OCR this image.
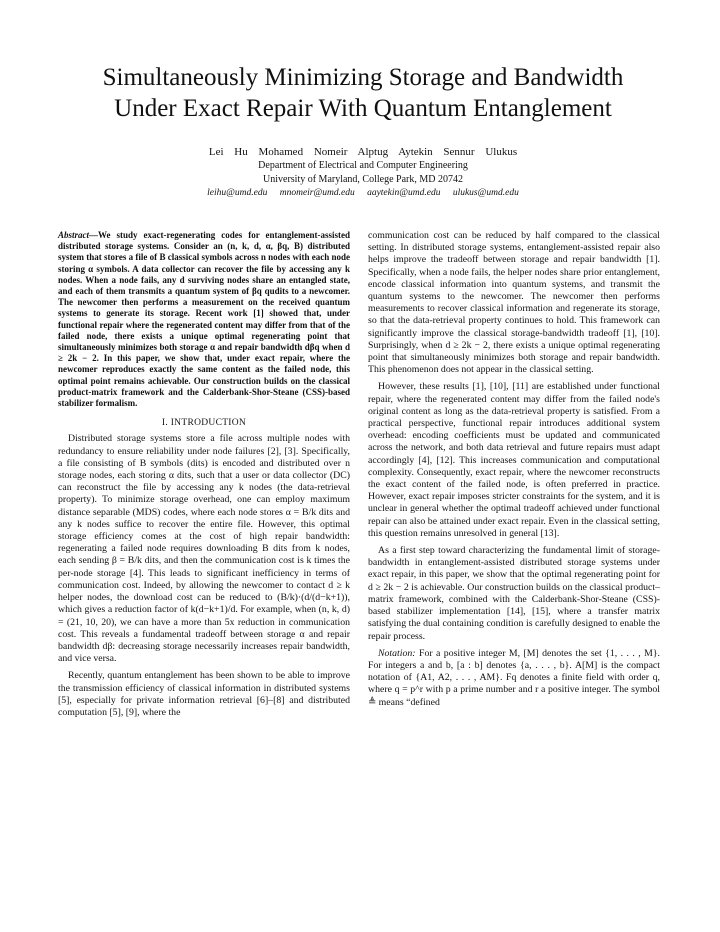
Simultaneously Minimizing Storage and Bandwidth
Under Exact Repair With Quantum Entanglement
Lei Hu Mohamed Nomeir Alptug Aytekin Sennur Ulukus
Department of Electrical and Computer Engineering
University of Maryland, College Park, MD 20742
leihu@umd.edu mnomeir@umd.edu aaytekin@umd.edu ulukus@umd.edu
Abstract—We study exact-regenerating codes for entanglement-assisted distributed storage systems. Consider an (n, k, d, α, βq, B) distributed system that stores a file of B classical symbols across n nodes with each node storing α symbols. A data collector can recover the file by accessing any k nodes. When a node fails, any d surviving nodes share an entangled state, and each of them transmits a quantum system of βq qudits to a newcomer. The newcomer then performs a measurement on the received quantum systems to generate its storage. Recent work [1] showed that, under functional repair where the regenerated content may differ from that of the failed node, there exists a unique optimal regenerating point that simultaneously minimizes both storage α and repair bandwidth dβq when d ≥ 2k − 2. In this paper, we show that, under exact repair, where the newcomer reproduces exactly the same content as the failed node, this optimal point remains achievable. Our construction builds on the classical product-matrix framework and the Calderbank-Shor-Steane (CSS)-based stabilizer formalism.
I. INTRODUCTION

Distributed storage systems store a file across multiple nodes with redundancy to ensure reliability under node failures [2], [3]. Specifically, a file consisting of B symbols (dits) is encoded and distributed over n storage nodes, each storing α dits, such that a user or data collector (DC) can reconstruct the file by accessing any k nodes (the data-retrieval property). To minimize storage overhead, one can employ maximum distance separable (MDS) codes, where each node stores α = B/k dits and any k nodes suffice to recover the entire file. However, this optimal storage efficiency comes at the cost of high repair bandwidth: regenerating a failed node requires downloading B dits from k nodes, each sending β = B/k dits, and then the communication cost is k times the per-node storage [4]. This leads to significant inefficiency in terms of communication cost. Indeed, by allowing the newcomer to contact d ≥ k helper nodes, the download cost can be reduced to (B/k)·(d/(d−k+1)), which gives a reduction factor of k(d−k+1)/d. For example, when (n, k, d) = (21, 10, 20), we can have a more than 5x reduction in communication cost. This reveals a fundamental tradeoff between storage α and repair bandwidth dβ: decreasing storage necessarily increases repair bandwidth, and vice versa.

Recently, quantum entanglement has been shown to be able to improve the transmission efficiency of classical information in distributed systems [5], especially for private information retrieval [6]–[8] and distributed computation [5], [9], where the

communication cost can be reduced by half compared to the classical setting. In distributed storage systems, entanglement-assisted repair also helps improve the tradeoff between storage and repair bandwidth [1]. Specifically, when a node fails, the helper nodes share prior entanglement, encode classical information into quantum systems, and transmit the quantum systems to the newcomer. The newcomer then performs measurements to recover classical information and regenerate its storage, so that the data-retrieval property continues to hold. This framework can significantly improve the classical storage-bandwidth tradeoff [1], [10]. Surprisingly, when d ≥ 2k − 2, there exists a unique optimal regenerating point that simultaneously minimizes both storage and repair bandwidth. This phenomenon does not appear in the classical setting.

However, these results [1], [10], [11] are established under functional repair, where the regenerated content may differ from the failed node's original content as long as the data-retrieval property is satisfied. From a practical perspective, functional repair introduces additional system overhead: encoding coefficients must be updated and communicated across the network, and both data retrieval and future repairs must adapt accordingly [4], [12]. This increases communication and computational complexity. Consequently, exact repair, where the newcomer reconstructs the exact content of the failed node, is often preferred in practice. However, exact repair imposes stricter constraints for the system, and it is unclear in general whether the optimal tradeoff achieved under functional repair can also be attained under exact repair. Even in the classical setting, this question remains unresolved in general [13].

As a first step toward characterizing the fundamental limit of storage-bandwidth in entanglement-assisted distributed storage systems under exact repair, in this paper, we show that the optimal regenerating point for d ≥ 2k − 2 is achievable. Our construction builds on the classical product–matrix framework, combined with the Calderbank-Shor-Steane (CSS)-based stabilizer implementation [14], [15], where a transfer matrix satisfying the dual containing condition is carefully designed to enable the repair process.

Notation: For a positive integer M, [M] denotes the set {1, . . . , M}. For integers a and b, [a : b] denotes {a, . . . , b}. A[M] is the compact notation of {A1, A2, . . . , AM}. Fq denotes a finite field with order q, where q = p^r with p a prime number and r a positive integer. The symbol ≜ means “defined
